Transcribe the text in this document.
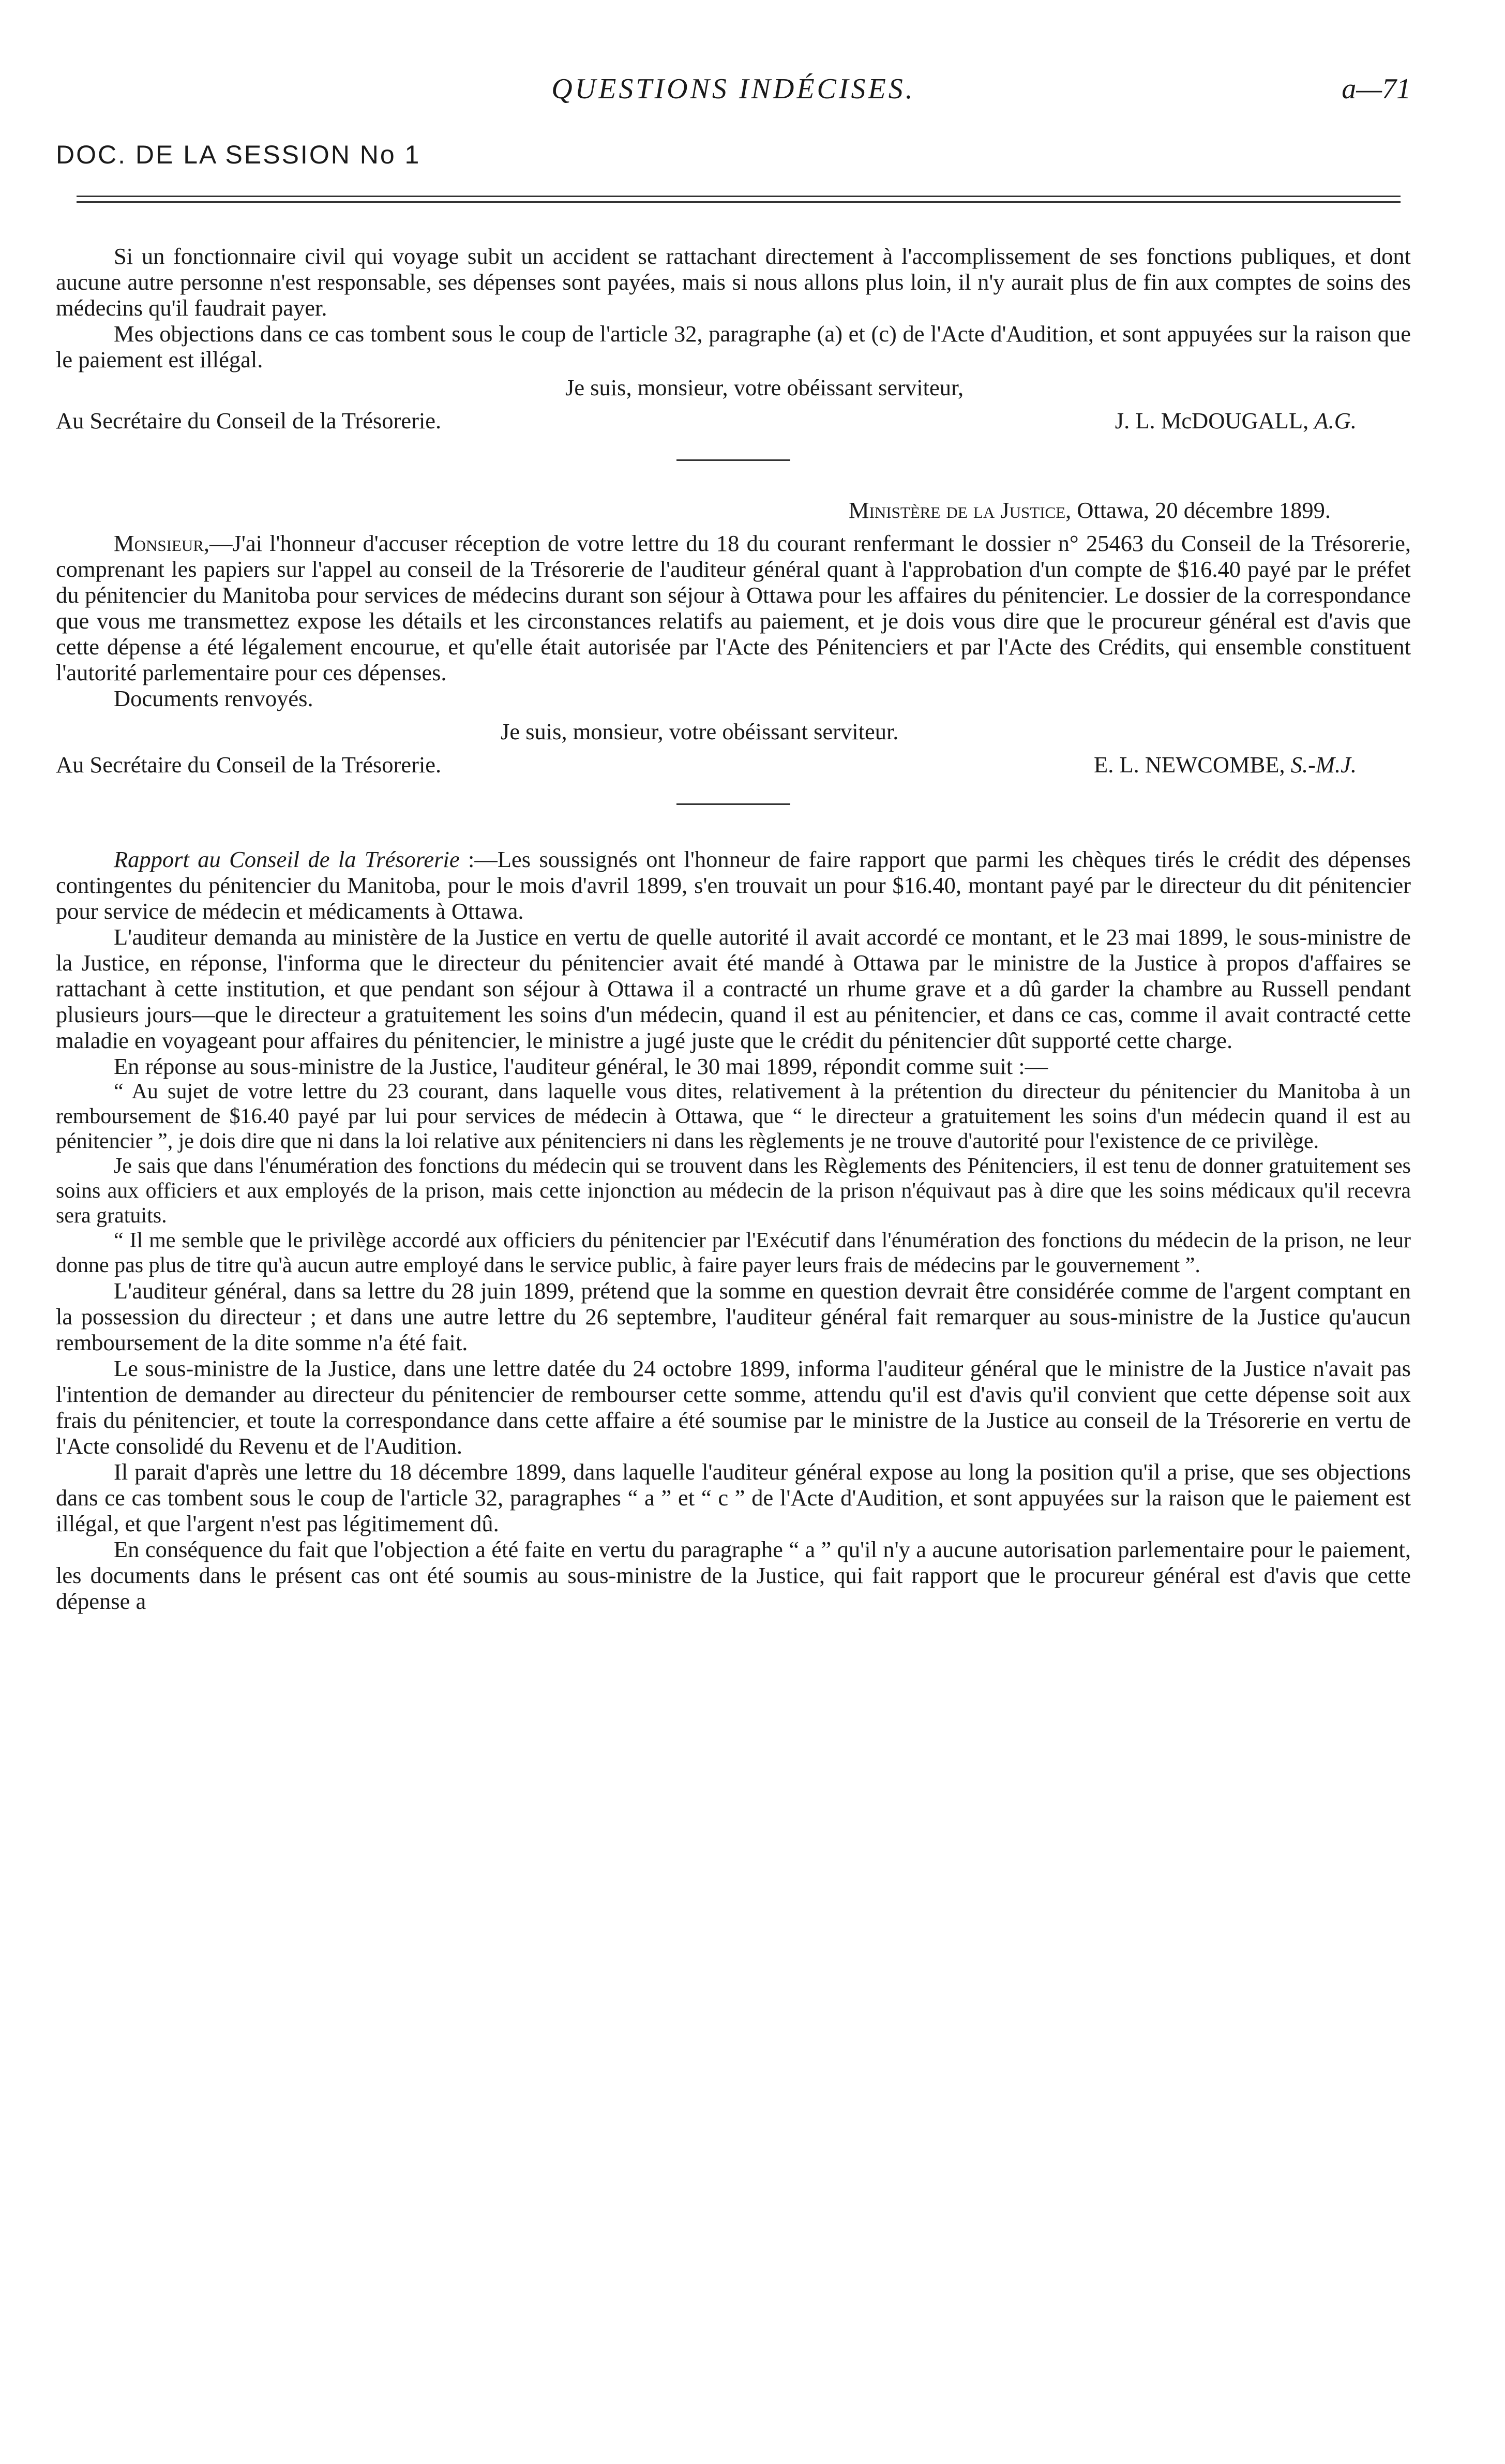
QUESTIONS INDÉCISES.	a—71
DOC. DE LA SESSION No 1

Si un fonctionnaire civil qui voyage subit un accident se rattachant directement à l'accomplissement de ses fonctions publiques, et dont aucune autre personne n'est responsable, ses dépenses sont payées, mais si nous allons plus loin, il n'y aurait plus de fin aux comptes de soins des médecins qu'il faudrait payer.

Mes objections dans ce cas tombent sous le coup de l'article 32, paragraphe (a) et (c) de l'Acte d'Audition, et sont appuyées sur la raison que le paiement est illégal.

Je suis, monsieur, votre obéissant serviteur,
Au Secrétaire du Conseil de la Trésorerie.	J. L. McDOUGALL, A.G.
Ministère de la Justice, Ottawa, 20 décembre 1899.

Monsieur,—J'ai l'honneur d'accuser réception de votre lettre du 18 du courant renfermant le dossier n° 25463 du Conseil de la Trésorerie, comprenant les papiers sur l'appel au conseil de la Trésorerie de l'auditeur général quant à l'approbation d'un compte de $16.40 payé par le préfet du pénitencier du Manitoba pour services de médecins durant son séjour à Ottawa pour les affaires du pénitencier. Le dossier de la correspondance que vous me transmettez expose les détails et les circonstances relatifs au paiement, et je dois vous dire que le procureur général est d'avis que cette dépense a été légalement encourue, et qu'elle était autorisée par l'Acte des Pénitenciers et par l'Acte des Crédits, qui ensemble constituent l'autorité parlementaire pour ces dépenses.

Documents renvoyés.

Je suis, monsieur, votre obéissant serviteur.
Au Secrétaire du Conseil de la Trésorerie.	E. L. NEWCOMBE, S.-M.J.

Rapport au Conseil de la Trésorerie :—Les soussignés ont l'honneur de faire rapport que parmi les chèques tirés le crédit des dépenses contingentes du pénitencier du Manitoba, pour le mois d'avril 1899, s'en trouvait un pour $16.40, montant payé par le directeur du dit pénitencier pour service de médecin et médicaments à Ottawa.

L'auditeur demanda au ministère de la Justice en vertu de quelle autorité il avait accordé ce montant, et le 23 mai 1899, le sous-ministre de la Justice, en réponse, l'informa que le directeur du pénitencier avait été mandé à Ottawa par le ministre de la Justice à propos d'affaires se rattachant à cette institution, et que pendant son séjour à Ottawa il a contracté un rhume grave et a dû garder la chambre au Russell pendant plusieurs jours—que le directeur a gratuitement les soins d'un médecin, quand il est au pénitencier, et dans ce cas, comme il avait contracté cette maladie en voyageant pour affaires du pénitencier, le ministre a jugé juste que le crédit du pénitencier dût supporté cette charge.

En réponse au sous-ministre de la Justice, l'auditeur général, le 30 mai 1899, répondit comme suit :—

“ Au sujet de votre lettre du 23 courant, dans laquelle vous dites, relativement à la prétention du directeur du pénitencier du Manitoba à un remboursement de $16.40 payé par lui pour services de médecin à Ottawa, que “ le directeur a gratuitement les soins d'un médecin quand il est au pénitencier ”, je dois dire que ni dans la loi relative aux pénitenciers ni dans les règlements je ne trouve d'autorité pour l'existence de ce privilège.

Je sais que dans l'énumération des fonctions du médecin qui se trouvent dans les Règlements des Pénitenciers, il est tenu de donner gratuitement ses soins aux officiers et aux employés de la prison, mais cette injonction au médecin de la prison n'équivaut pas à dire que les soins médicaux qu'il recevra sera gratuits.

“ Il me semble que le privilège accordé aux officiers du pénitencier par l'Exécutif dans l'énumération des fonctions du médecin de la prison, ne leur donne pas plus de titre qu'à aucun autre employé dans le service public, à faire payer leurs frais de médecins par le gouvernement ”.

L'auditeur général, dans sa lettre du 28 juin 1899, prétend que la somme en question devrait être considérée comme de l'argent comptant en la possession du directeur ; et dans une autre lettre du 26 septembre, l'auditeur général fait remarquer au sous-ministre de la Justice qu'aucun remboursement de la dite somme n'a été fait.

Le sous-ministre de la Justice, dans une lettre datée du 24 octobre 1899, informa l'auditeur général que le ministre de la Justice n'avait pas l'intention de demander au directeur du pénitencier de rembourser cette somme, attendu qu'il est d'avis qu'il convient que cette dépense soit aux frais du pénitencier, et toute la correspondance dans cette affaire a été soumise par le ministre de la Justice au conseil de la Trésorerie en vertu de l'Acte consolidé du Revenu et de l'Audition.

Il parait d'après une lettre du 18 décembre 1899, dans laquelle l'auditeur général expose au long la position qu'il a prise, que ses objections dans ce cas tombent sous le coup de l'article 32, paragraphes “ a ” et “ c ” de l'Acte d'Audition, et sont appuyées sur la raison que le paiement est illégal, et que l'argent n'est pas légitimement dû.

En conséquence du fait que l'objection a été faite en vertu du paragraphe “ a ” qu'il n'y a aucune autorisation parlementaire pour le paiement, les documents dans le présent cas ont été soumis au sous-ministre de la Justice, qui fait rapport que le procureur général est d'avis que cette dépense a
